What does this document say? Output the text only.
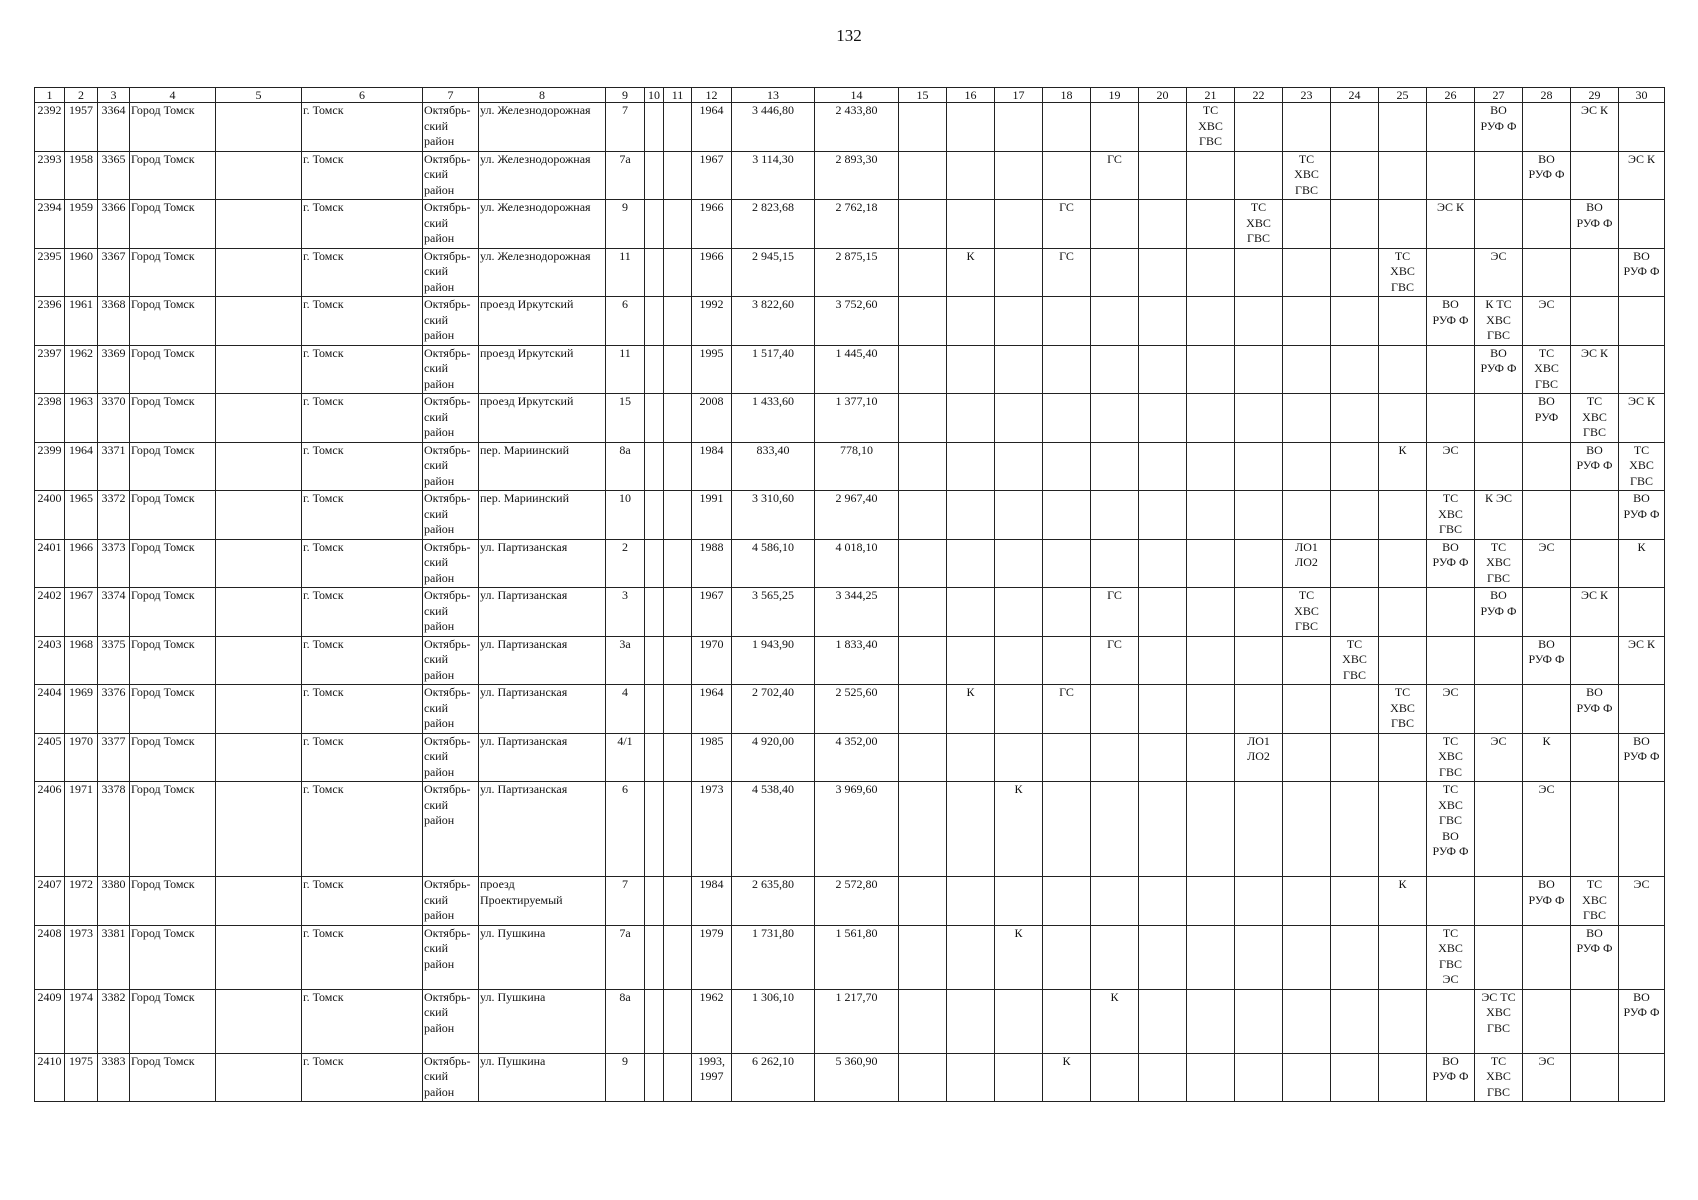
132
1	2	3	4	5	6	7	8	9	10	11	12	13	14	15	16	17	18	19	20	21	22	23	24	25	26	27	28	29	30
2392	1957	3364	Город Томск		г. Томск	Октябрь-
ский
район	ул. Железнодорожная	7			1964	3 446,80	2 433,80							ТС
ХВС
ГВС						ВО
РУФ Ф		ЭС К	
2393	1958	3365	Город Томск		г. Томск	Октябрь-
ский
район	ул. Железнодорожная	7а			1967	3 114,30	2 893,30					ГС				ТС
ХВС
ГВС					ВО
РУФ Ф		ЭС К
2394	1959	3366	Город Томск		г. Томск	Октябрь-
ский
район	ул. Железнодорожная	9			1966	2 823,68	2 762,18				ГС				ТС
ХВС
ГВС				ЭС К			ВО
РУФ Ф	
2395	1960	3367	Город Томск		г. Томск	Октябрь-
ский
район	ул. Железнодорожная	11			1966	2 945,15	2 875,15		К		ГС							ТС
ХВС
ГВС		ЭС			ВО
РУФ Ф
2396	1961	3368	Город Томск		г. Томск	Октябрь-
ский
район	проезд Иркутский	6			1992	3 822,60	3 752,60												ВО
РУФ Ф	К ТС
ХВС
ГВС	ЭС		
2397	1962	3369	Город Томск		г. Томск	Октябрь-
ский
район	проезд Иркутский	11			1995	1 517,40	1 445,40													ВО
РУФ Ф	ТС
ХВС
ГВС	ЭС К	
2398	1963	3370	Город Томск		г. Томск	Октябрь-
ский
район	проезд Иркутский	15			2008	1 433,60	1 377,10														ВО
РУФ	ТС
ХВС
ГВС	ЭС К
2399	1964	3371	Город Томск		г. Томск	Октябрь-
ский
район	пер. Мариинский	8а			1984	833,40	778,10											К	ЭС			ВО
РУФ Ф	ТС
ХВС
ГВС
2400	1965	3372	Город Томск		г. Томск	Октябрь-
ский
район	пер. Мариинский	10			1991	3 310,60	2 967,40												ТС
ХВС
ГВС	К ЭС			ВО
РУФ Ф
2401	1966	3373	Город Томск		г. Томск	Октябрь-
ский
район	ул. Партизанская	2			1988	4 586,10	4 018,10									ЛО1
ЛО2			ВО
РУФ Ф	ТС
ХВС
ГВС	ЭС		К
2402	1967	3374	Город Томск		г. Томск	Октябрь-
ский
район	ул. Партизанская	3			1967	3 565,25	3 344,25					ГС				ТС
ХВС
ГВС				ВО
РУФ Ф		ЭС К	
2403	1968	3375	Город Томск		г. Томск	Октябрь-
ский
район	ул. Партизанская	3а			1970	1 943,90	1 833,40					ГС					ТС
ХВС
ГВС				ВО
РУФ Ф		ЭС К
2404	1969	3376	Город Томск		г. Томск	Октябрь-
ский
район	ул. Партизанская	4			1964	2 702,40	2 525,60		К		ГС							ТС
ХВС
ГВС	ЭС			ВО
РУФ Ф	
2405	1970	3377	Город Томск		г. Томск	Октябрь-
ский
район	ул. Партизанская	4/1			1985	4 920,00	4 352,00								ЛО1
ЛО2				ТС
ХВС
ГВС	ЭС	К		ВО
РУФ Ф
2406	1971	3378	Город Томск		г. Томск	Октябрь-
ский
район	ул. Партизанская	6			1973	4 538,40	3 969,60			К									ТС
ХВС
ГВС
ВО
РУФ Ф		ЭС		
2407	1972	3380	Город Томск		г. Томск	Октябрь-
ский
район	проезд
Проектируемый	7			1984	2 635,80	2 572,80											К			ВО
РУФ Ф	ТС
ХВС
ГВС	ЭС
2408	1973	3381	Город Томск		г. Томск	Октябрь-
ский
район	ул. Пушкина	7а			1979	1 731,80	1 561,80			К									ТС
ХВС
ГВС
ЭС			ВО
РУФ Ф	
2409	1974	3382	Город Томск		г. Томск	Октябрь-
ский
район	ул. Пушкина	8а			1962	1 306,10	1 217,70					К								ЭС ТС
ХВС
ГВС			ВО
РУФ Ф
2410	1975	3383	Город Томск		г. Томск	Октябрь-
ский
район	ул. Пушкина	9			1993,
1997	6 262,10	5 360,90				К								ВО
РУФ Ф	ТС
ХВС
ГВС	ЭС		
